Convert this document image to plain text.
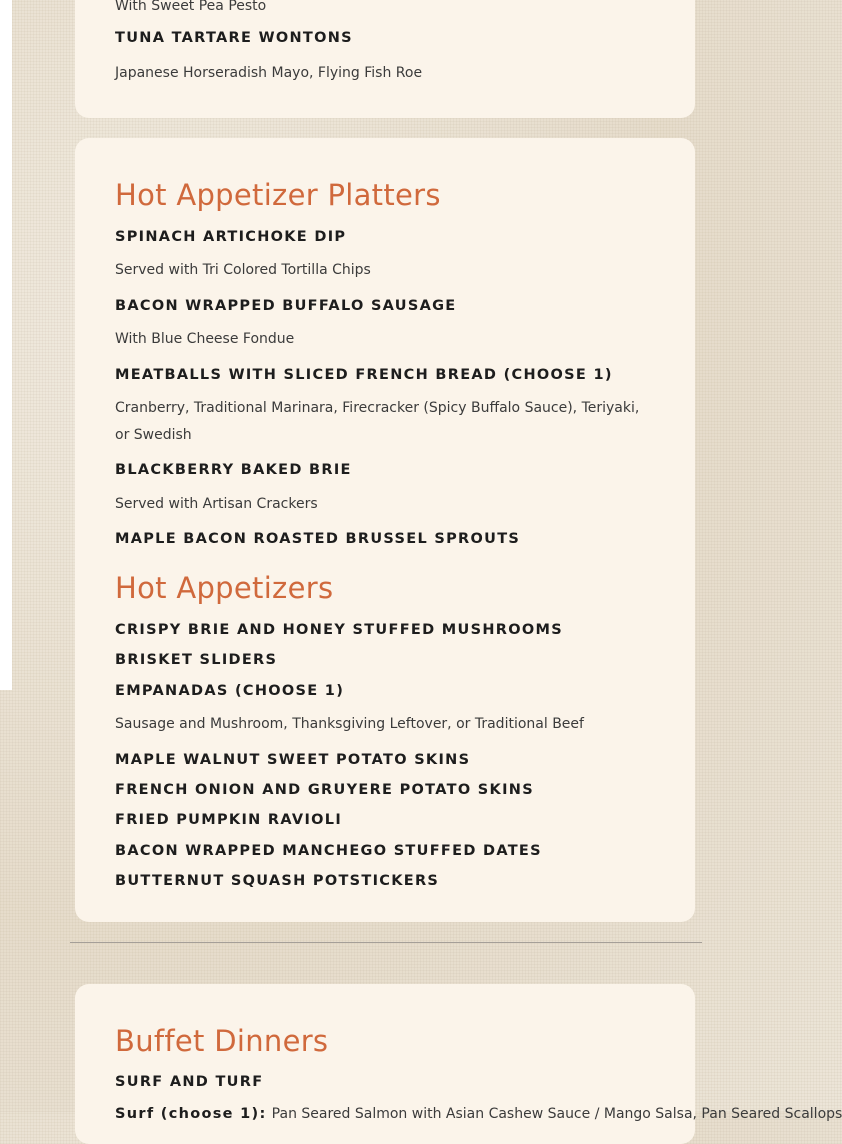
With Sweet Pea Pesto

TUNA TARTARE WONTONS

Japanese Horseradish Mayo, Flying Fish Roe

Hot Appetizer Platters
SPINACH ARTICHOKE DIP

Served with Tri Colored Tortilla Chips

BACON WRAPPED BUFFALO SAUSAGE

With Blue Cheese Fondue

MEATBALLS WITH SLICED FRENCH BREAD (CHOOSE 1)

Cranberry, Traditional Marinara, Firecracker (Spicy Buffalo Sauce), Teriyaki, or Swedish

BLACKBERRY BAKED BRIE

Served with Artisan Crackers

MAPLE BACON ROASTED BRUSSEL SPROUTS
Hot Appetizers
CRISPY BRIE AND HONEY STUFFED MUSHROOMS
BRISKET SLIDERS
EMPANADAS (CHOOSE 1)

Sausage and Mushroom, Thanksgiving Leftover, or Traditional Beef

MAPLE WALNUT SWEET POTATO SKINS
FRENCH ONION AND GRUYERE POTATO SKINS
FRIED PUMPKIN RAVIOLI
BACON WRAPPED MANCHEGO STUFFED DATES
BUTTERNUT SQUASH POTSTICKERS
Buffet Dinners
SURF AND TURF
Surf (choose 1): Pan Seared Salmon with Asian Cashew Sauce / Mango Salsa, Pan Seared Scallops
